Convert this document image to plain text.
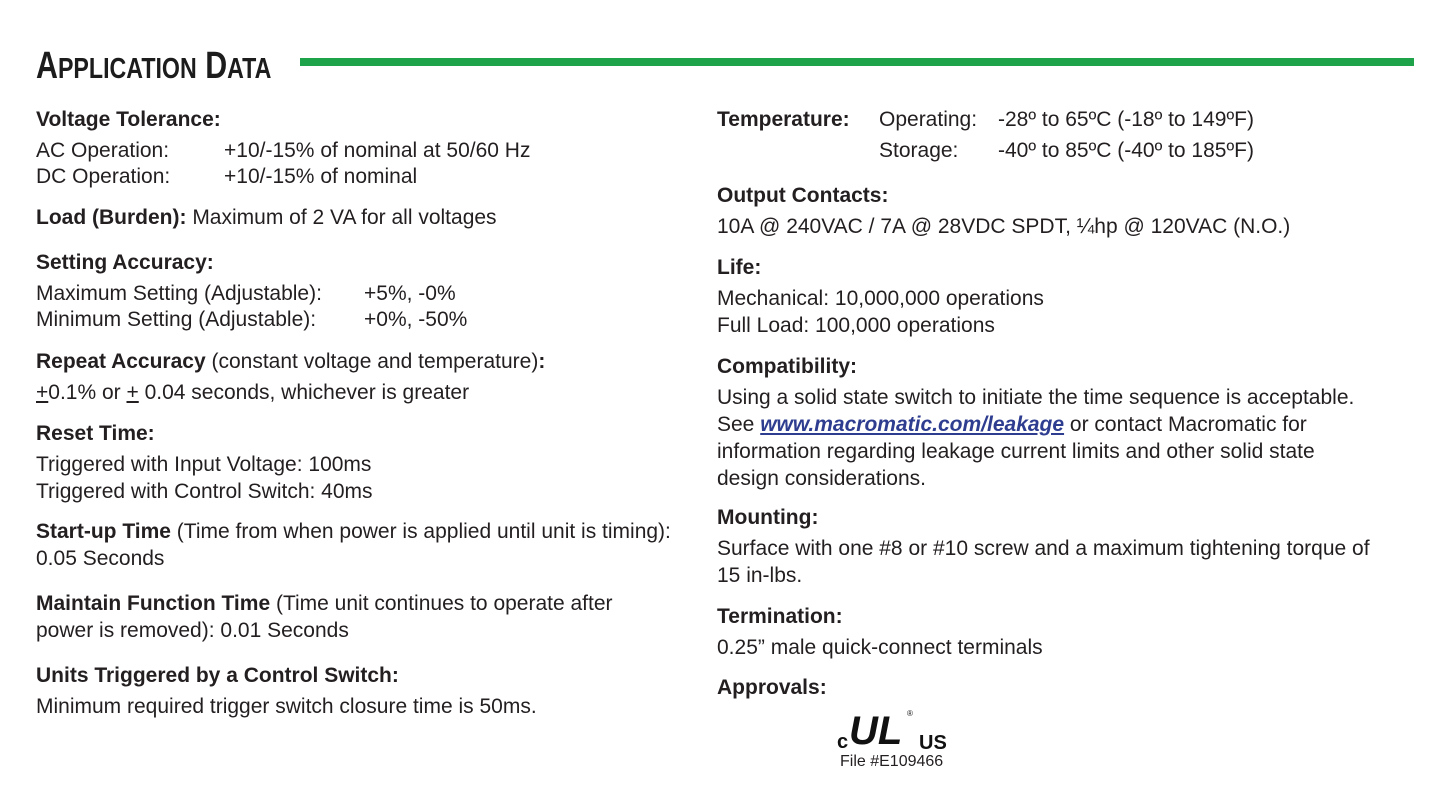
APPLICATION DATA
Voltage Tolerance:
AC Operation:	+10/-15% of nominal at 50/60 Hz
DC Operation:	+10/-15% of nominal
Load (Burden): Maximum of 2 VA for all voltages
Setting Accuracy:
Maximum Setting (Adjustable): +5%, -0%
Minimum Setting (Adjustable): +0%, -50%
Repeat Accuracy (constant voltage and temperature):
+0.1% or + 0.04 seconds, whichever is greater
Reset Time:
Triggered with Input Voltage: 100ms
Triggered with Control Switch: 40ms
Start-up Time (Time from when power is applied until unit is timing):
0.05 Seconds
Maintain Function Time (Time unit continues to operate after
power is removed): 0.01 Seconds
Units Triggered by a Control Switch:
Minimum required trigger switch closure time is 50ms.
Temperature: Operating: -28º to 65ºC (-18º to 149ºF)
Storage: -40º to 85ºC (-40º to 185ºF)
Output Contacts:
10A @ 240VAC / 7A @ 28VDC SPDT, ¼hp @ 120VAC (N.O.)
Life:
Mechanical: 10,000,000 operations
Full Load: 100,000 operations
Compatibility:
Using a solid state switch to initiate the time sequence is acceptable.
See www.macromatic.com/leakage or contact Macromatic for
information regarding leakage current limits and other solid state
design considerations.
Mounting:
Surface with one #8 or #10 screw and a maximum tightening torque of
15 in-lbs.
Termination:
0.25” male quick-connect terminals
Approvals:
c UL US
®
File #E109466
